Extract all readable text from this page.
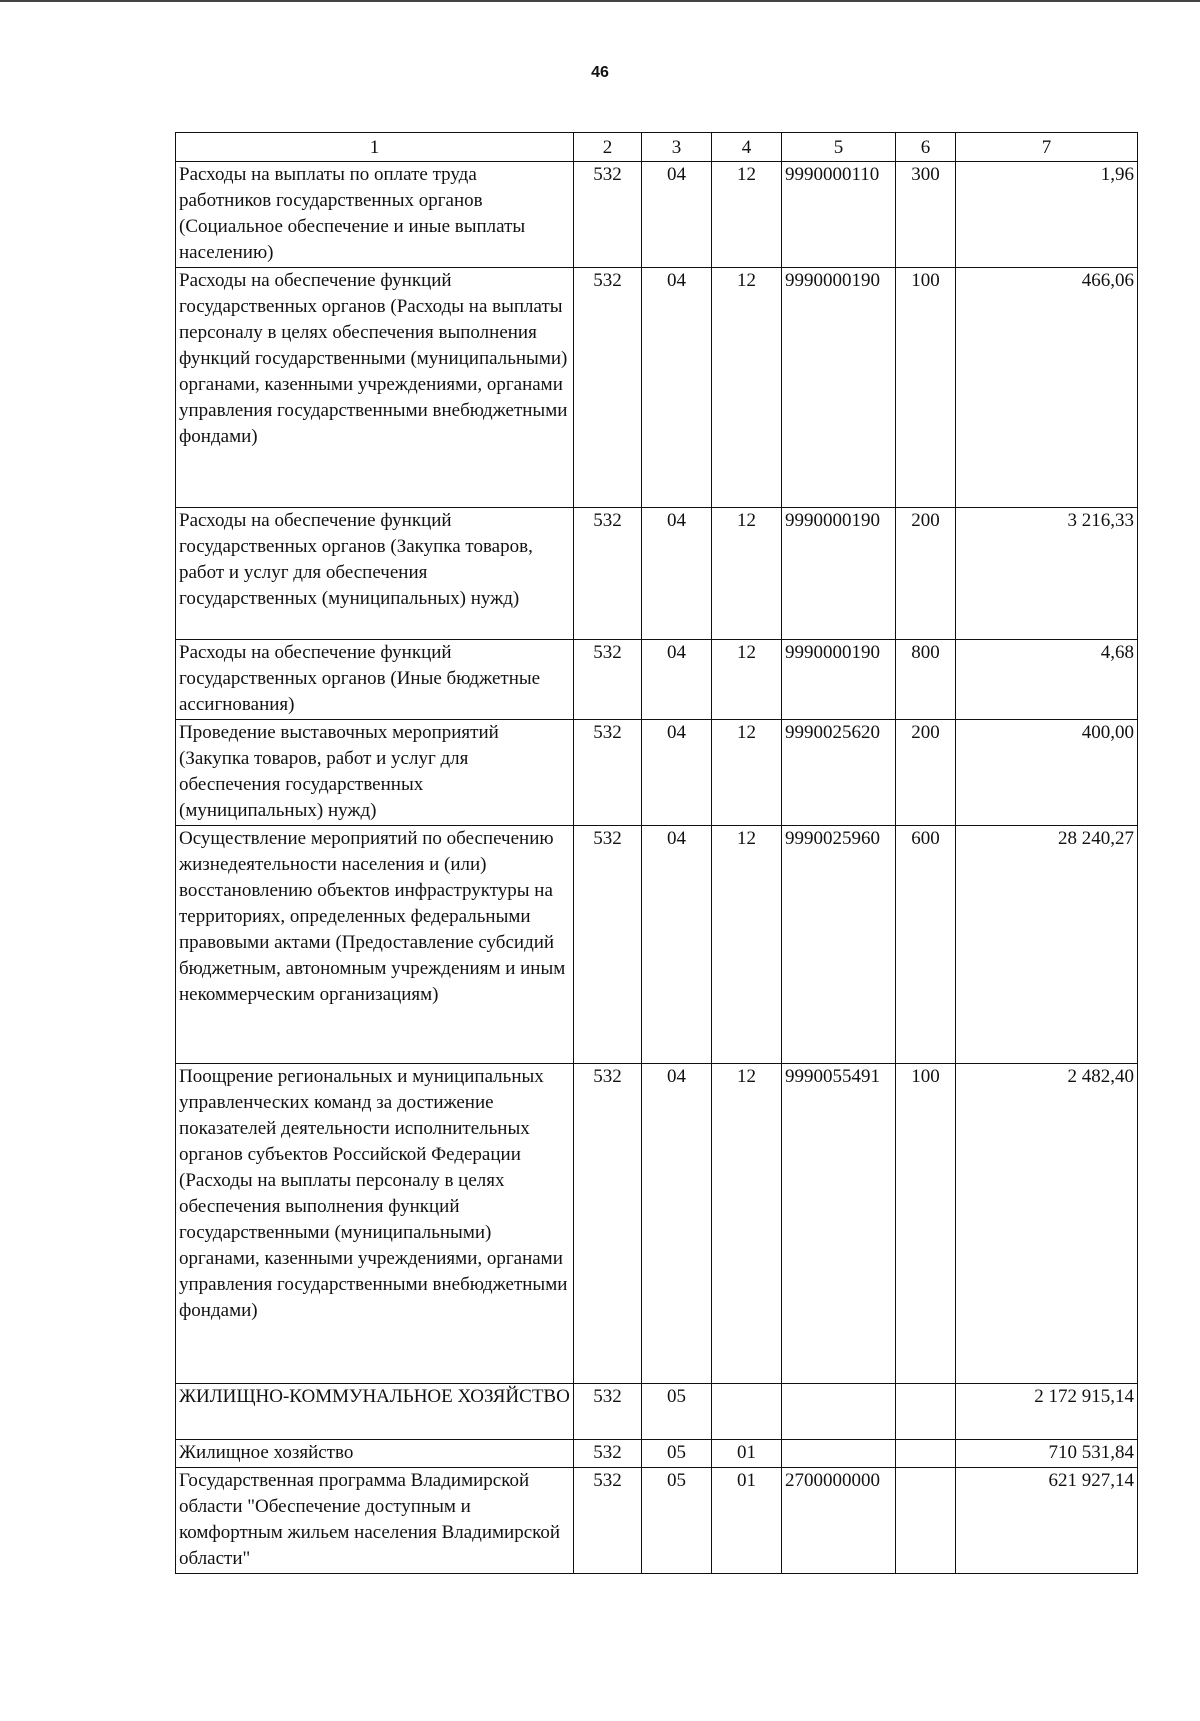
46
1	2	3	4	5	6	7
Расходы на выплаты по оплате труда работников государственных органов (Социальное обеспечение и иные выплаты населению)	532	04	12	9990000110	300	1,96
Расходы на обеспечение функций государственных органов (Расходы на выплаты персоналу в целях обеспечения выполнения функций государственными (муниципальными) органами, казенными учреждениями, органами управления государственными внебюджетными фондами)	532	04	12	9990000190	100	466,06
Расходы на обеспечение функций государственных органов (Закупка товаров, работ и услуг для обеспечения государственных (муниципальных) нужд)	532	04	12	9990000190	200	3 216,33
Расходы на обеспечение функций государственных органов (Иные бюджетные ассигнования)	532	04	12	9990000190	800	4,68
Проведение выставочных мероприятий (Закупка товаров, работ и услуг для обеспечения государственных (муниципальных) нужд)	532	04	12	9990025620	200	400,00
Осуществление мероприятий по обеспечению жизнедеятельности населения и (или) восстановлению объектов инфраструктуры на территориях, определенных федеральными правовыми актами (Предоставление субсидий бюджетным, автономным учреждениям и иным некоммерческим организациям)	532	04	12	9990025960	600	28 240,27
Поощрение региональных и муниципальных управленческих команд за достижение показателей деятельности исполнительных органов субъектов Российской Федерации (Расходы на выплаты персоналу в целях обеспечения выполнения функций государственными (муниципальными) органами, казенными учреждениями, органами управления государственными внебюджетными фондами)	532	04	12	9990055491	100	2 482,40
ЖИЛИЩНО-КОММУНАЛЬНОЕ ХОЗЯЙСТВО	532	05				2 172 915,14
Жилищное хозяйство	532	05	01			710 531,84
Государственная программа Владимирской области "Обеспечение доступным и комфортным жильем населения Владимирской области"	532	05	01	2700000000		621 927,14
